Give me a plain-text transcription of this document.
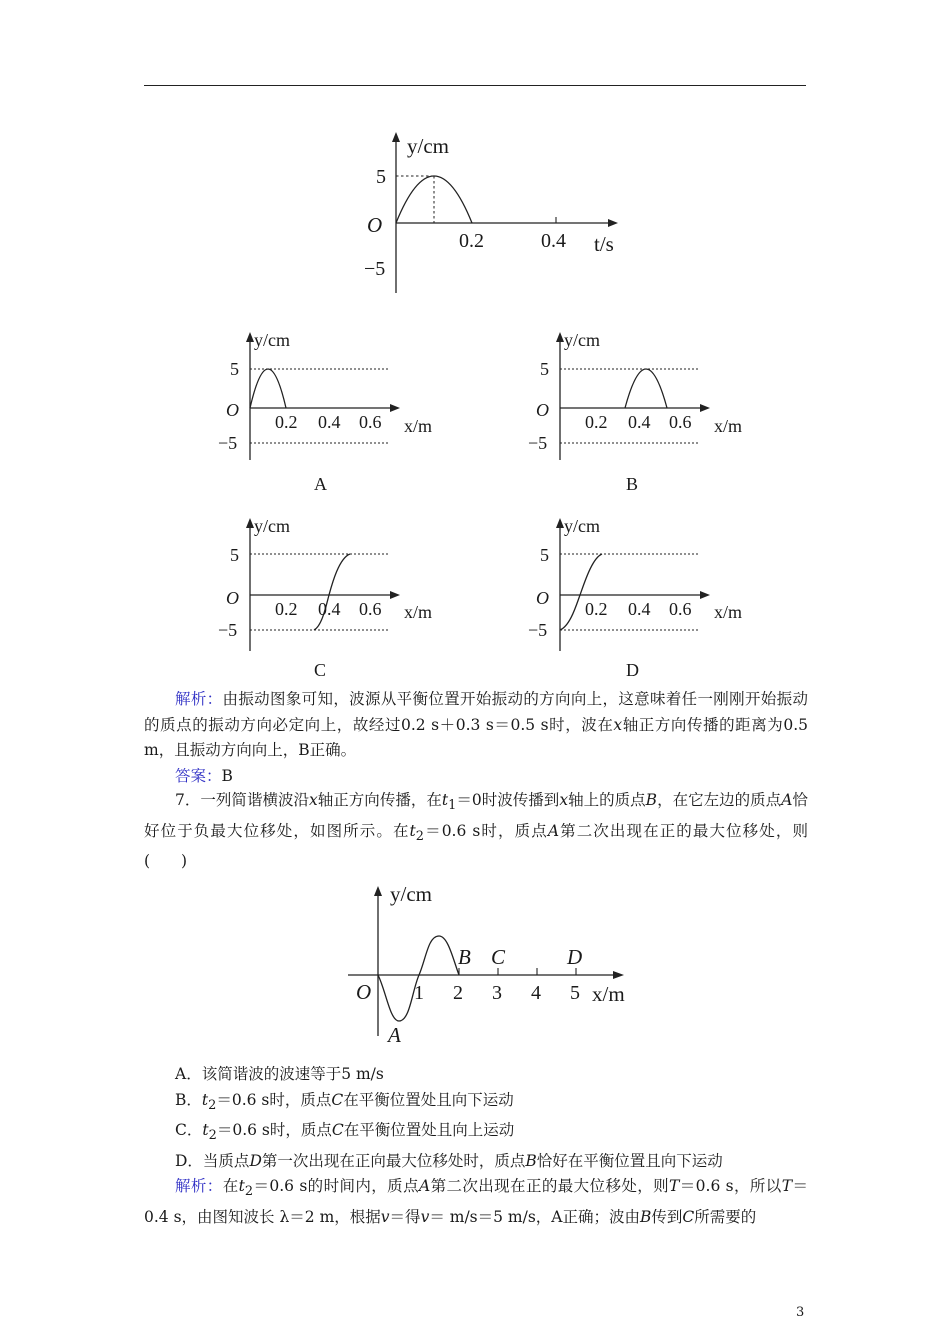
y/cm
5
O
−5
0.2	0.4 t/s
y/cm
5
O
−5
0.2 0.4 0.6 x/m
A
y/cm
5
O
−5
0.2 0.4 0.6 x/m
B
y/cm
5
O
−5
0.2 0.4 0.6 x/m
C
y/cm
5
O
−5
0.2 0.4 0.6 x/m
D

解析：由振动图象可知，波源从平衡位置开始振动的方向向上，这意味着任一刚刚开始振动的质点的振动方向必定向上，故经过0.2 s＋0.3 s＝0.5 s时，波在x轴正方向传播的距离为0.5 m，且振动方向向上，B正确。

答案：B

7．一列简谐横波沿x轴正方向传播，在$t_1=0$时波传播到x轴上的质点B，在它左边的质点A恰好位于负最大位移处，如图所示。在$t_2=0.6$ s时，质点A第二次出现在正的最大位移处，则(　　)

y/cm
O 1 2 3 4 5 x/m
A
B C	D

A．该简谐波的波速等于5 m/s

B．$t_2=0.6$ s时，质点C在平衡位置处且向下运动

C．$t_2=0.6$ s时，质点C在平衡位置处且向上运动

D．当质点D第一次出现在正向最大位移处时，质点B恰好在平衡位置且向下运动

解析：在$t_2=0.6$ s的时间内，质点A第二次出现在正的最大位移处，则T＝0.6 s，所以T＝0.4 s，由图知波长 λ＝2 m，根据v＝得v＝ m/s＝5 m/s，A正确；波由B传到C所需要的

3
